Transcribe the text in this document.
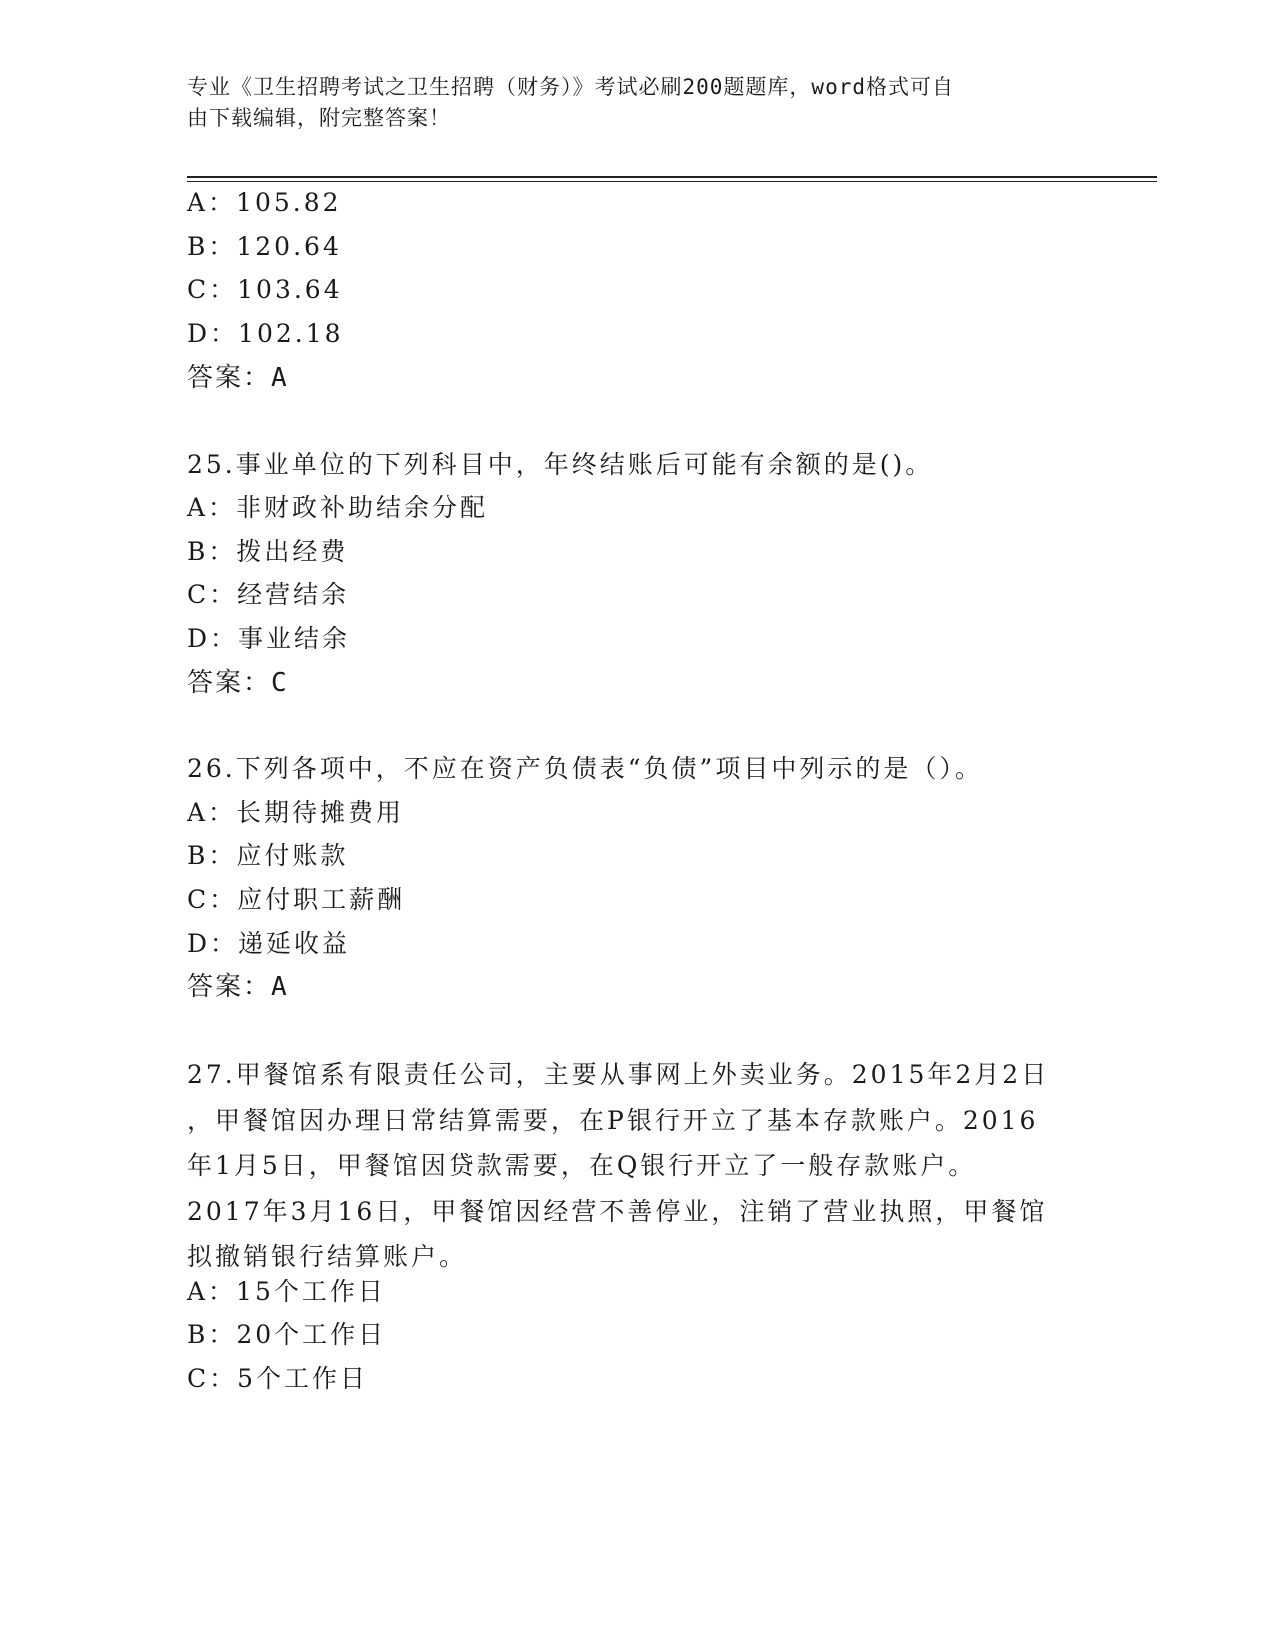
专业《卫生招聘考试之卫生招聘（财务）》考试必刷200题题库，word格式可自
由下载编辑，附完整答案！
A：105.82
B：120.64
C：103.64
D：102.18
答案：A
25.事业单位的下列科目中，年终结账后可能有余额的是()。
A：非财政补助结余分配
B：拨出经费
C：经营结余
D：事业结余
答案：C
26.下列各项中，不应在资产负债表“负债”项目中列示的是（）。
A：长期待摊费用
B：应付账款
C：应付职工薪酬
D：递延收益
答案：A
27.甲餐馆系有限责任公司，主要从事网上外卖业务。2015年2月2日
，甲餐馆因办理日常结算需要，在P银行开立了基本存款账户。2016
年1月5日，甲餐馆因贷款需要，在Q银行开立了一般存款账户。
2017年3月16日，甲餐馆因经营不善停业，注销了营业执照，甲餐馆
拟撤销银行结算账户。
A：15个工作日
B：20个工作日
C：5个工作日
